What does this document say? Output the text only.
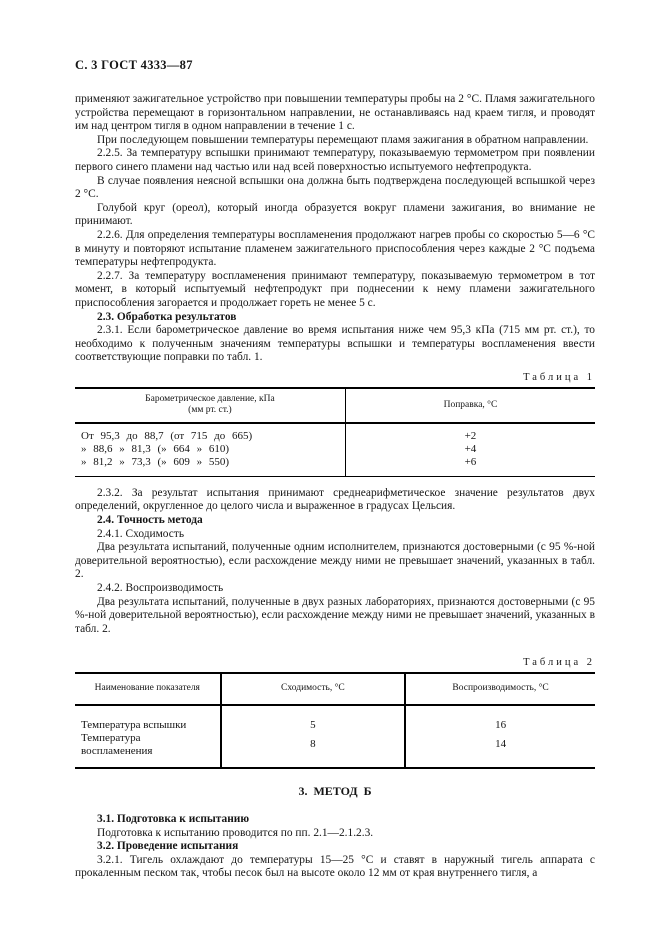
С. 3 ГОСТ 4333—87

применяют зажигательное устройство при повышении температуры пробы на 2 °С. Пламя зажигательного устройства перемещают в горизонтальном направлении, не останавливаясь над краем тигля, и проводят им над центром тигля в одном направлении в течение 1 с.

При последующем повышении температуры перемещают пламя зажигания в обратном направлении.

2.2.5. За температуру вспышки принимают температуру, показываемую термометром при появлении первого синего пламени над частью или над всей поверхностью испытуемого нефтепродукта.

В случае появления неясной вспышки она должна быть подтверждена последующей вспышкой через 2 °С.

Голубой круг (ореол), который иногда образуется вокруг пламени зажигания, во внимание не принимают.

2.2.6. Для определения температуры воспламенения продолжают нагрев пробы со скоростью 5—6 °С в минуту и повторяют испытание пламенем зажигательного приспособления через каждые 2 °С подъема температуры нефтепродукта.

2.2.7. За температуру воспламенения принимают температуру, показываемую термометром в тот момент, в который испытуемый нефтепродукт при поднесении к нему пламени зажигательного приспособления загорается и продолжает гореть не менее 5 с.

2.3. Обработка результатов

2.3.1. Если барометрическое давление во время испытания ниже чем 95,3 кПа (715 мм рт. ст.), то необходимо к полученным значениям температуры вспышки и температуры воспламенения ввести соответствующие поправки по табл. 1.

Таблица 1
Барометрическое давление, кПа
(мм рт. ст.)	Поправка, °С
От 95,3 до 88,7 (от 715 до 665)	+2
» 88,6 » 81,3 (» 664 » 610)	+4
» 81,2 » 73,3 (» 609 » 550)	+6

2.3.2. За результат испытания принимают среднеарифметическое значение результатов двух определений, округленное до целого числа и выраженное в градусах Цельсия.

2.4. Точность метода

2.4.1. Сходимость

Два результата испытаний, полученные одним исполнителем, признаются достоверными (с 95 %-ной доверительной вероятностью), если расхождение между ними не превышает значений, указанных в табл. 2.

2.4.2. Воспроизводимость

Два результата испытаний, полученные в двух разных лабораториях, признаются достоверными (с 95 %-ной доверительной вероятностью), если расхождение между ними не превышает значений, указанных в табл. 2.

Таблица 2
Наименование показателя	Сходимость, °С	Воспроизводимость, °С
Температура вспышки	5	16
Температура воспламенения	8	14
3. МЕТОД Б

3.1. Подготовка к испытанию

Подготовка к испытанию проводится по пп. 2.1—2.1.2.3.

3.2. Проведение испытания

3.2.1. Тигель охлаждают до температуры 15—25 °С и ставят в наружный тигель аппарата с прокаленным песком так, чтобы песок был на высоте около 12 мм от края внутреннего тигля, а
